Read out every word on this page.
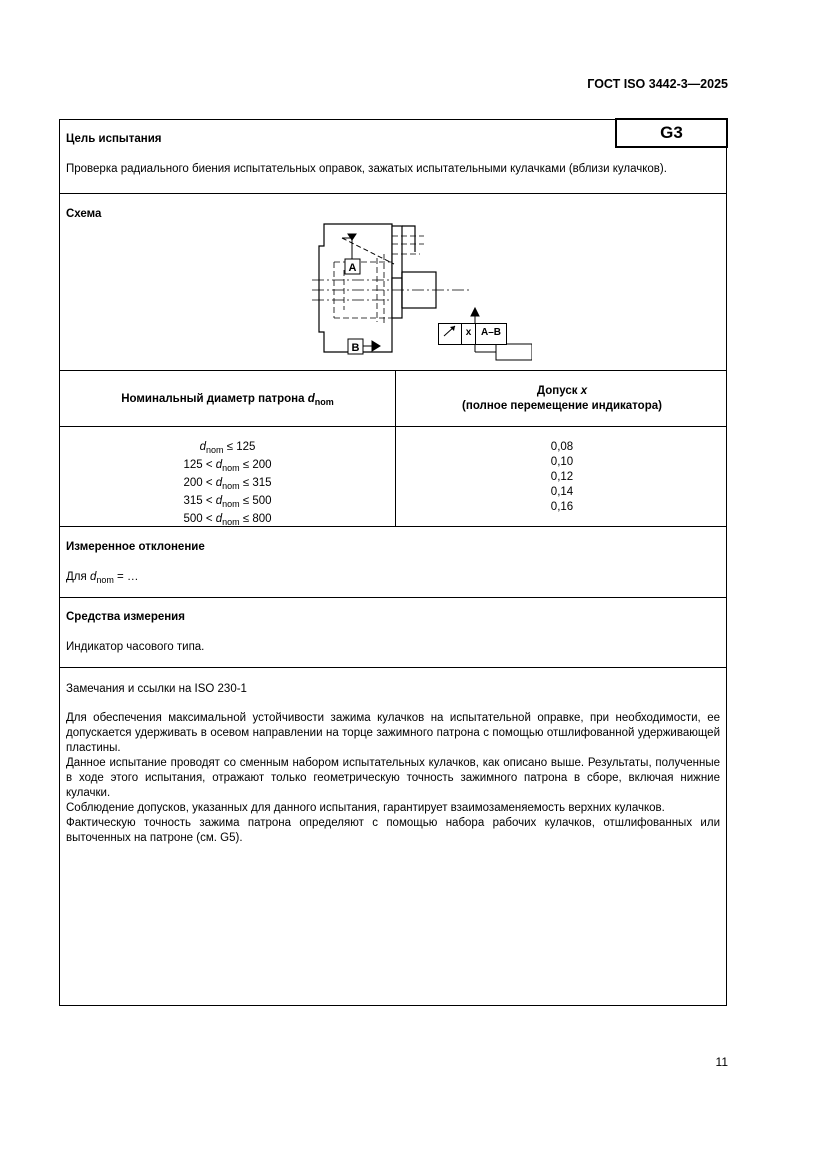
ГОСТ ISO 3442-3—2025
G3
Цель испытания
Проверка радиального биения испытательных оправок, зажатых испытательными кулачками (вблизи кулачков).
Схема
A
B
x A–B
Номинальный диаметр патрона $d_{nom}$
Допуск x
(полное перемещение индикатора)
$d_{nom} \le 125$
$125 < d_{nom} \le 200$
$200 < d_{nom} \le 315$
$315 < d_{nom} \le 500$
$500 < d_{nom} \le 800$
0,08
0,10
0,12
0,14
0,16
Измеренное отклонение
Для $d_{nom}$ = …
Средства измерения
Индикатор часового типа.
Замечания и ссылки на ISO 230-1

Для обеспечения максимальной устойчивости зажима кулачков на испытательной оправке, при необходимости, ее допускается удерживать в осевом направлении на торце зажимного патрона с помощью отшлифованной удерживающей пластины.

Данное испытание проводят со сменным набором испытательных кулачков, как описано выше. Результаты, полученные в ходе этого испытания, отражают только геометрическую точность зажимного патрона в сборе, включая нижние кулачки.

Соблюдение допусков, указанных для данного испытания, гарантирует взаимозаменяемость верхних кулачков.

Фактическую точность зажима патрона определяют с помощью набора рабочих кулачков, отшлифованных или выточенных на патроне (см. G5).

11
